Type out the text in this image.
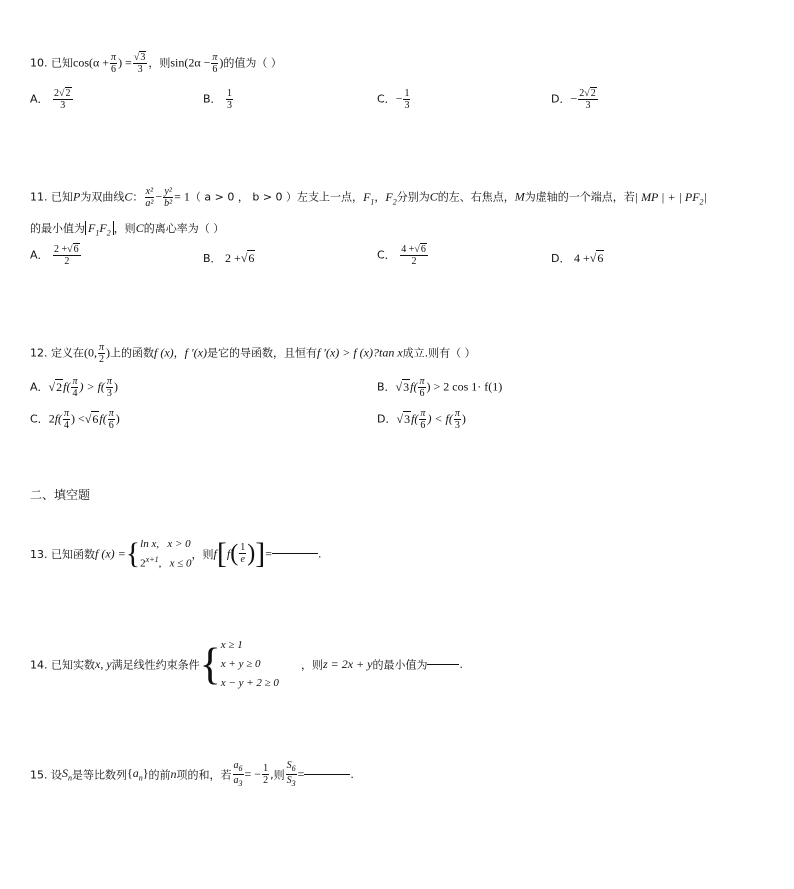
10. 已知$\cos(\alpha + \frac{\pi}{6}$ ) = $\frac{√3}{3}$ ，则$\sin(2\alpha - \frac{\pi}{6}$ )的值为（ ）
A． $\frac{2√2}{3}$	B． $\frac{1}{3}$	C．− $\frac{1}{3}$	D．− $\frac{2√2}{3}$
11. 已知P为双曲线C： $\frac{\text{x²}}{\text{a²}} - \frac{\text{y²}}{\text{b²}} = 1$（ a > 0 ， b > 0 ）左支上一点，$F_1$，$F_2$分别为C的左、右焦点，M为虚轴的一个端点，若| MP | + | $PF_2|$
的最小值为 $F_1F_2$ ，则C的离心率为（ ）
A． $\frac{2 +√6}{2}$	B． 2 +√6	C． $\frac{4 +√6}{2}$	D． 4 +√6
12. 定义在(0, $\frac{\pi}{2}$ )上的函数f (x)，f ′(x)是它的导函数，且恒有f ′(x) > f (x)?tan x成立.则有（ ）
A．$√2f( \frac{\pi}{4}$ ) > $f( \frac{\pi}{3}$ )	B．$√3f( \frac{\pi}{6}$ ) > 2 cos 1· f(1)
C．$2f( \frac{\pi}{4}$ ) $<√6f( \frac{\pi}{6}$ )	D．$√3f( \frac{\pi}{6}$ ) < $f( \frac{\pi}{3}$ )
二、填空题
13. 已知函数f (x) ={ ln x, x > 0
$2^{x+1}$, x ≤ 0
，则$f[f( \frac{1}{e}$ )]=	.
14. 已知实数x, y满足线性约束条件{ x ≥ 1
x + y ≥ 0
x − y + 2 ≥ 0
，则z = 2x + y的最小值为	.
15. 设$S_n$是等比数列$\{a_n\}$的前n项的和，若 $\frac{a_6}{a_3}$ = − $\frac{1}{2}$ ,则 $\frac{S_6}{S_3}$ =	.
